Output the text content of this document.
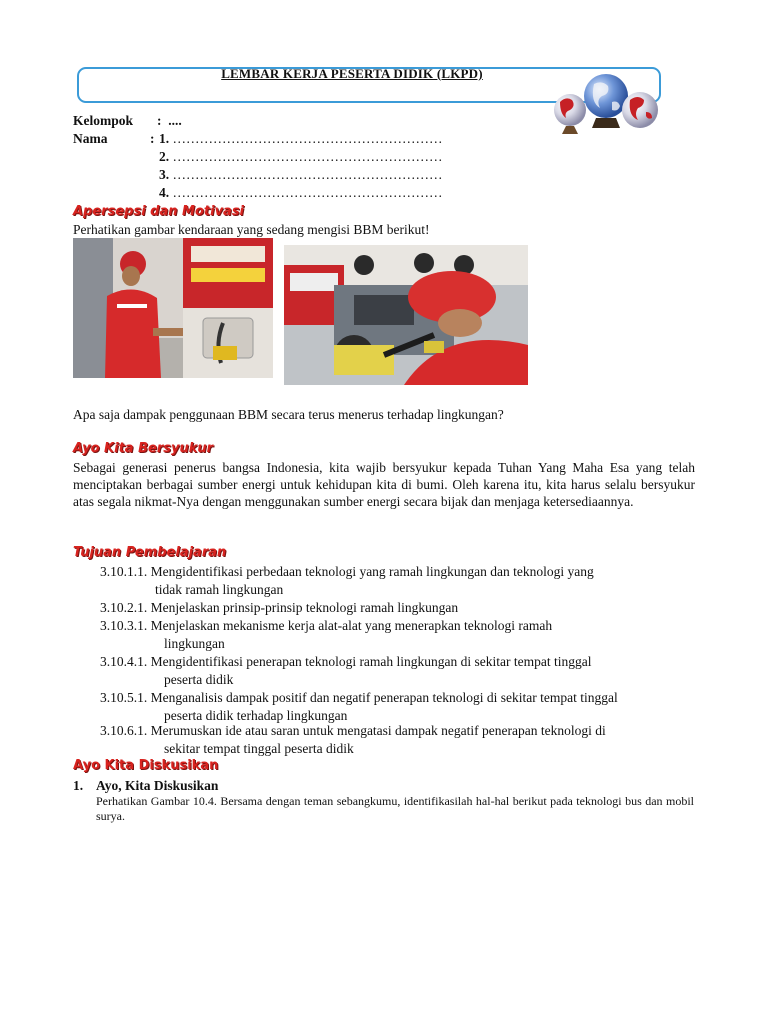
LEMBAR KERJA PESERTA DIDIK (LKPD)
Kelompok : ....
Nama	: 1. ……………………………………………………
2. ……………………………………………………
3. ……………………………………………………
4. ……………………………………………………
Apersepsi dan Motivasi
Perhatikan gambar kendaraan yang sedang mengisi BBM berikut!
Apa saja dampak penggunaan BBM secara terus menerus terhadap lingkungan?
Ayo Kita Bersyukur
Sebagai generasi penerus bangsa Indonesia, kita wajib bersyukur kepada Tuhan Yang Maha Esa yang telah menciptakan berbagai sumber energi untuk kehidupan kita di bumi. Oleh karena itu, kita harus selalu bersyukur atas segala nikmat-Nya dengan menggunakan sumber energi secara bijak dan menjaga ketersediaannya.
Tujuan Pembelajaran
3.10.1.1. Mengidentifikasi perbedaan teknologi yang ramah lingkungan dan teknologi yang
tidak ramah lingkungan
3.10.2.1. Menjelaskan prinsip-prinsip teknologi ramah lingkungan
3.10.3.1. Menjelaskan mekanisme kerja alat-alat yang menerapkan teknologi ramah
lingkungan
3.10.4.1. Mengidentifikasi penerapan teknologi ramah lingkungan di sekitar tempat tinggal
peserta didik
3.10.5.1. Menganalisis dampak positif dan negatif penerapan teknologi di sekitar tempat tinggal
peserta didik terhadap lingkungan
3.10.6.1. Merumuskan ide atau saran untuk mengatasi dampak negatif penerapan teknologi di
sekitar tempat tinggal peserta didik
Ayo Kita Diskusikan
1. Ayo, Kita Diskusikan
Perhatikan Gambar 10.4. Bersama dengan teman sebangkumu, identifikasilah hal-hal berikut pada teknologi bus dan mobil surya.
